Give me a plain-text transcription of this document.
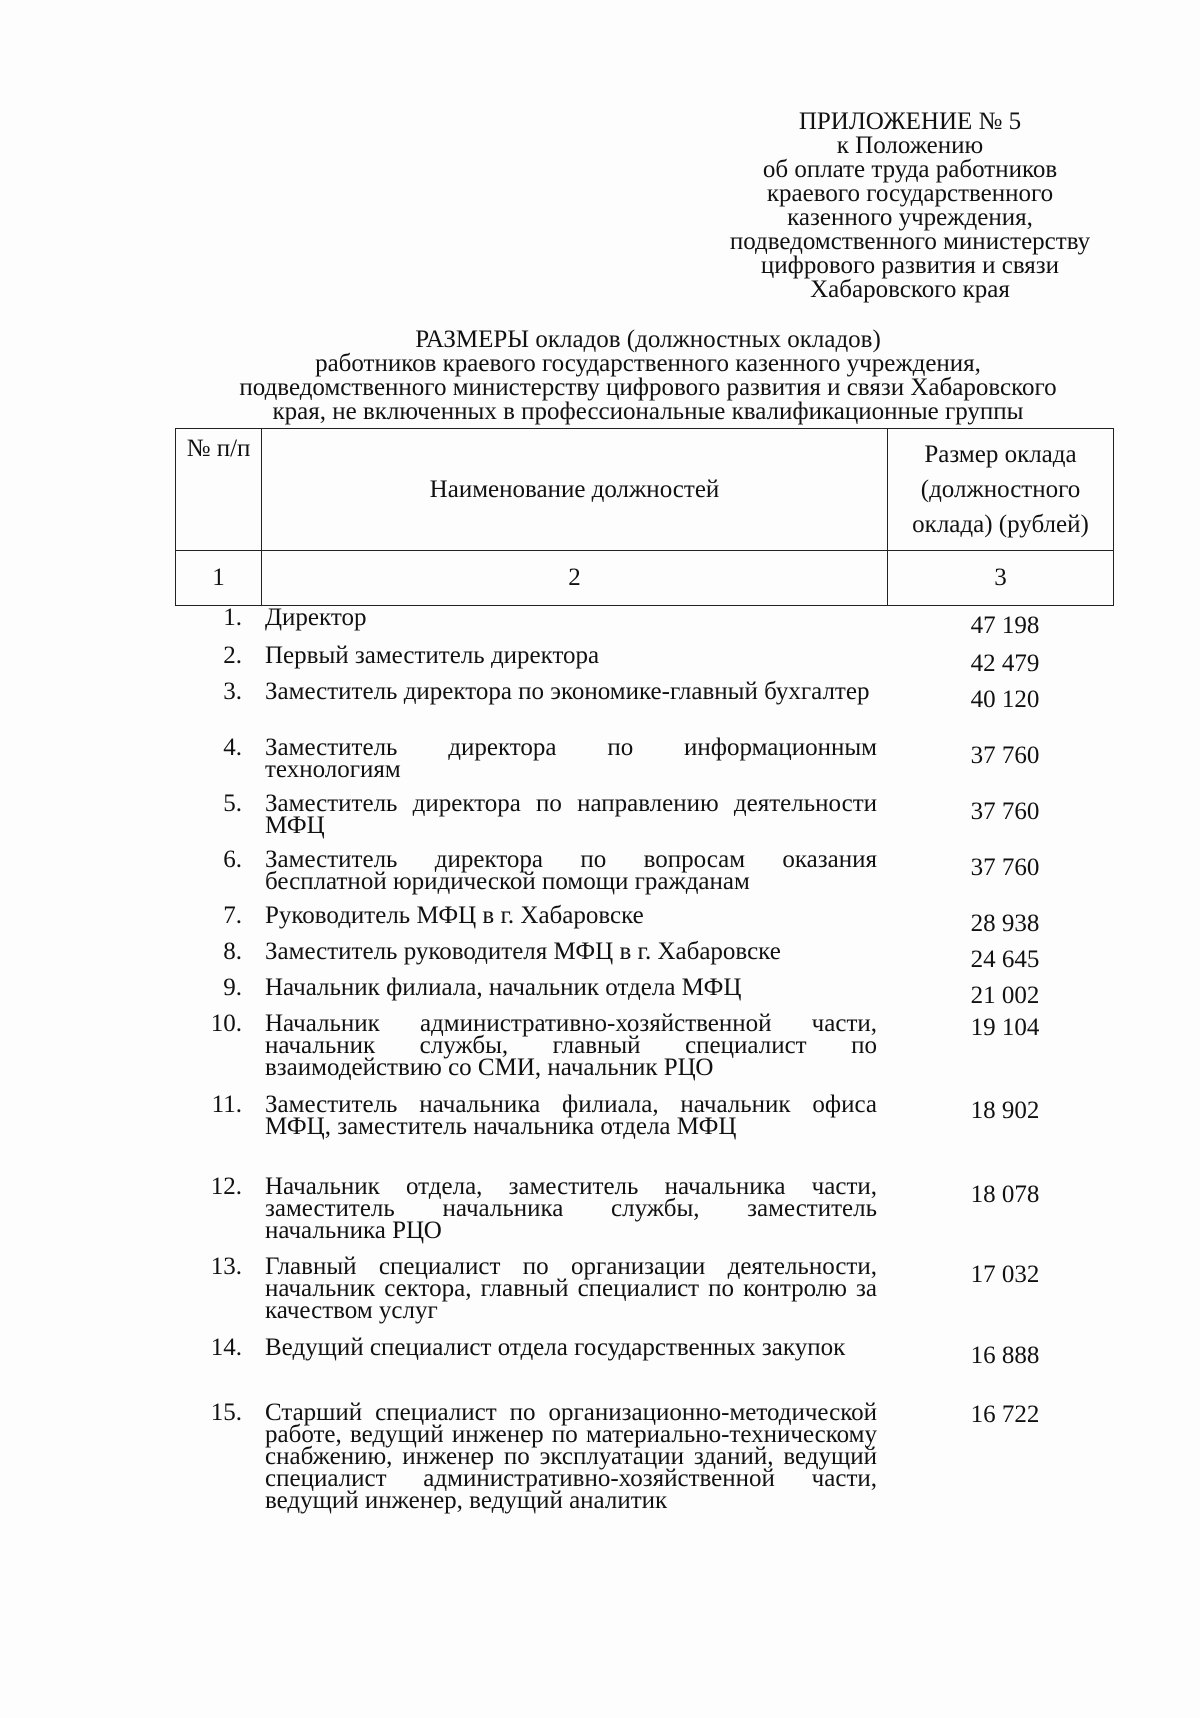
ПРИЛОЖЕНИЕ № 5
к Положению
об оплате труда работников
краевого государственного
казенного учреждения,
подведомственного министерству
цифрового развития и связи
Хабаровского края
РАЗМЕРЫ окладов (должностных окладов)
работников краевого государственного казенного учреждения,
подведомственного министерству цифрового развития и связи Хабаровского
края, не включенных в профессиональные квалификационные группы
№ п/п	Наименование должностей	Размер оклада
(должностного
оклада) (рублей)

1	2	3
1. Директор	47 198
2. Первый заместитель директора	42 479
3. Заместитель директора по экономике-главный бухгалтер	40 120
4. Заместитель директора по информационным технологиям
37 760
5. Заместитель директора по направлению деятельности МФЦ
37 760
6. Заместитель директора по вопросам оказания бесплатной юридической помощи гражданам
37 760
7. Руководитель МФЦ в г. Хабаровске	28 938
8. Заместитель руководителя МФЦ в г. Хабаровске	24 645
9. Начальник филиала, начальник отдела МФЦ	21 002
10. Начальник административно-хозяйственной части, начальник службы, главный специалист по взаимодействию со СМИ, начальник РЦО
19 104
11. Заместитель начальника филиала, начальник офиса МФЦ, заместитель начальника отдела МФЦ
18 902
12. Начальник отдела, заместитель начальника части, заместитель начальника службы, заместитель начальника РЦО
18 078
13. Главный специалист по организации деятельности, начальник сектора, главный специалист по контролю за качеством услуг
17 032
14. Ведущий специалист отдела государственных закупок	16 888
15. Старший специалист по организационно-методической работе, ведущий инженер по материально-техническому снабжению, инженер по эксплуатации зданий, ведущий специалист административно-хозяйственной части, ведущий инженер, ведущий аналитик
16 722
